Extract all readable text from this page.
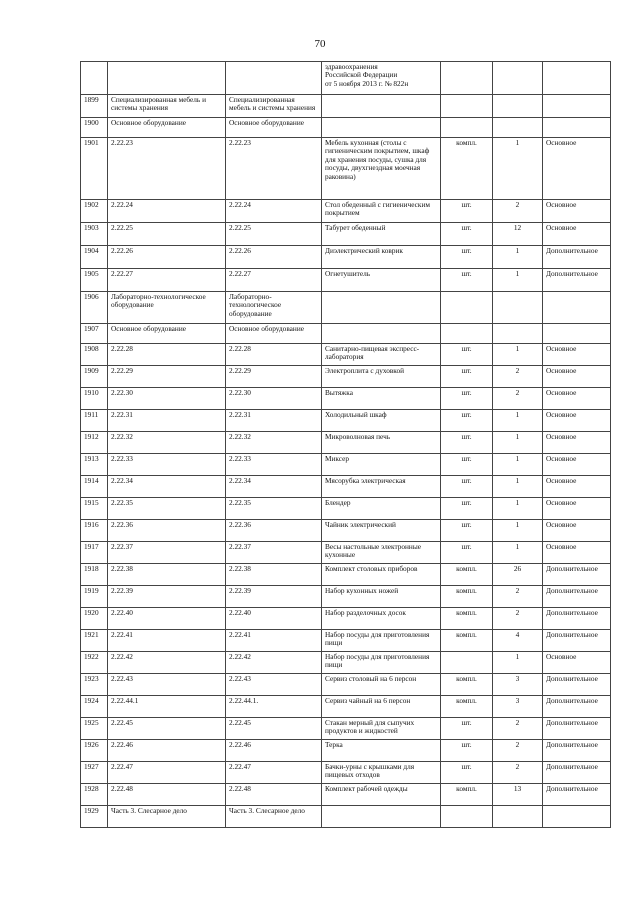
70
			здравоохранения
Российской Федерации
от 5 ноября 2013 г. № 822н			
1899	Специализированная мебель и системы хранения	Специализированная мебель и системы хранения				
1900	Основное оборудование	Основное оборудование				
1901	2.22.23	2.22.23	Мебель кухонная (столы с гигиеническим покрытием, шкаф для хранения посуды, сушка для посуды, двухгнездная моечная раковина)	компл.	1	Основное
1902	2.22.24	2.22.24	Стол обеденный с гигиеническим покрытием	шт.	2	Основное
1903	2.22.25	2.22.25	Табурет обеденный	шт.	12	Основное
1904	2.22.26	2.22.26	Диэлектрический коврик	шт.	1	Дополнительное
1905	2.22.27	2.22.27	Огнетушитель	шт.	1	Дополнительное
1906	Лабораторно-технологическое оборудование	Лабораторно-технологическое оборудование				
1907	Основное оборудование	Основное оборудование				
1908	2.22.28	2.22.28	Санитарно-пищевая экспресс-лаборатория	шт.	1	Основное
1909	2.22.29	2.22.29	Электроплита с духовкой	шт.	2	Основное
1910	2.22.30	2.22.30	Вытяжка	шт.	2	Основное
1911	2.22.31	2.22.31	Холодильный шкаф	шт.	1	Основное
1912	2.22.32	2.22.32	Микроволновая печь	шт.	1	Основное
1913	2.22.33	2.22.33	Миксер	шт.	1	Основное
1914	2.22.34	2.22.34	Мясорубка электрическая	шт.	1	Основное
1915	2.22.35	2.22.35	Блендер	шт.	1	Основное
1916	2.22.36	2.22.36	Чайник электрический	шт.	1	Основное
1917	2.22.37	2.22.37	Весы настольные электронные кухонные	шт.	1	Основное
1918	2.22.38	2.22.38	Комплект столовых приборов	компл.	26	Дополнительное
1919	2.22.39	2.22.39	Набор кухонных ножей	компл.	2	Дополнительное
1920	2.22.40	2.22.40	Набор разделочных досок	компл.	2	Дополнительное
1921	2.22.41	2.22.41	Набор посуды для приготовления пищи	компл.	4	Дополнительное
1922	2.22.42	2.22.42	Набор посуды для приготовления пищи		1	Основное
1923	2.22.43	2.22.43	Сервиз столовый на 6 персон	компл.	3	Дополнительное
1924	2.22.44.1	2.22.44.1.	Сервиз чайный на 6 персон	компл.	3	Дополнительное
1925	2.22.45	2.22.45	Стакан мерный для сыпучих продуктов и жидкостей	шт.	2	Дополнительное
1926	2.22.46	2.22.46	Терка	шт.	2	Дополнительное
1927	2.22.47	2.22.47	Бачки-урны с крышками для пищевых отходов	шт.	2	Дополнительное
1928	2.22.48	2.22.48	Комплект рабочей одежды	компл.	13	Дополнительное
1929	Часть 3. Слесарное дело	Часть 3. Слесарное дело				
